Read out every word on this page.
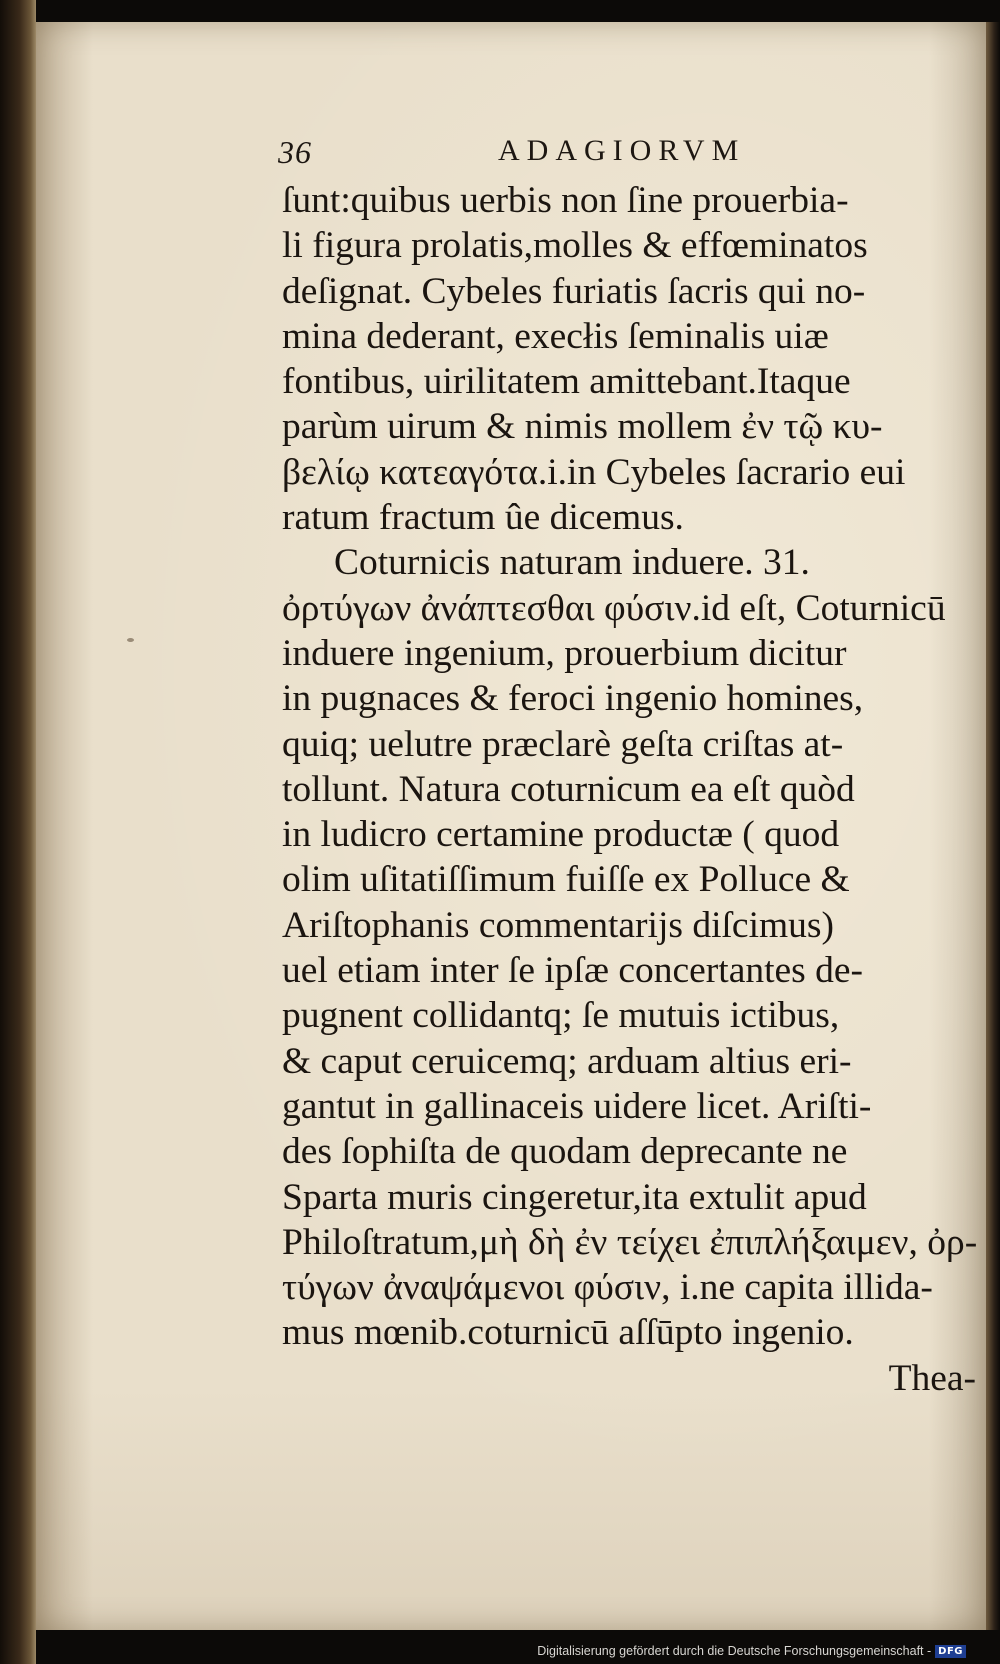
36	ADAGIORVM
ſunt:quibus uerbis non ſine prouerbia-
li figura prolatis,molles & effœminatos
deſignat. Cybeles furiatis ſacris qui no-
mina dederant, execłis ſeminalis uiæ
fontibus, uirilitatem amittebant.Itaque
parùm uirum & nimis mollem ἐν τῷ κυ-
βελίῳ κατεαγότα.i.in Cybeles ſacrario eui
ratum fractum ûe dicemus.
Coturnicis naturam induere. 31.
ὀρτύγων ἀνάπτεσθαι φύσιν.id eſt, Coturnicū
induere ingenium, prouerbium dicitur
in pugnaces & feroci ingenio homines,
quiq; uelutre præclarè geſta criſtas at-
tollunt. Natura coturnicum ea eſt quòd
in ludicro certamine productæ ( quod
olim uſitatiſſimum fuiſſe ex Polluce &
Ariſtophanis commentarijs diſcimus)
uel etiam inter ſe ipſæ concertantes de-
pugnent collidantq; ſe mutuis ictibus,
& caput ceruicemq; arduam altius eri-
gantut in gallinaceis uidere licet. Ariſti-
des ſophiſta de quodam deprecante ne
Sparta muris cingeretur,ita extulit apud
Philoſtratum,μὴ δὴ ἐν τείχει ἐπιπλήξαιμεν, ὀρ-
τύγων ἀναψάμενοι φύσιν, i.ne capita illida-
mus mœnib.coturnicū aſſūpto ingenio.
Thea-
Digitalisierung gefördert durch die Deutsche Forschungsgemeinschaft - DFG
